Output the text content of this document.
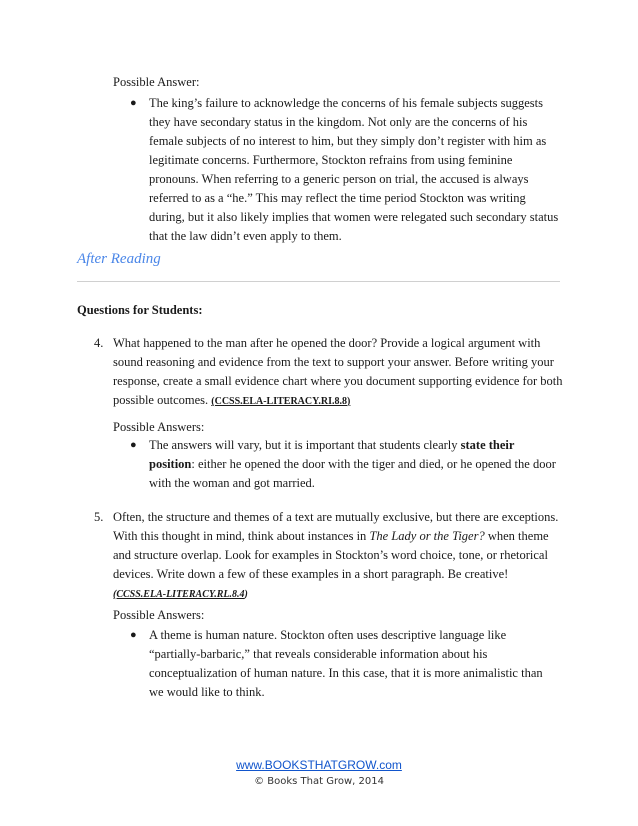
Possible Answer:
● The king’s failure to acknowledge the concerns of his female subjects suggests they have secondary status in the kingdom. Not only are the concerns of his female subjects of no interest to him, but they simply don’t register with him as legitimate concerns. Furthermore, Stockton refrains from using feminine pronouns. When referring to a generic person on trial, the accused is always referred to as a “he.” This may reflect the time period Stockton was writing during, but it also likely implies that women were relegated such secondary status that the law didn’t even apply to them.
After Reading
Questions for Students:
4. What happened to the man after he opened the door? Provide a logical argument with sound reasoning and evidence from the text to support your answer. Before writing your response, create a small evidence chart where you document supporting evidence for both possible outcomes. (CCSS.ELA-LITERACY.RI.8.8)
Possible Answers:
● The answers will vary, but it is important that students clearly state their position: either he opened the door with the tiger and died, or he opened the door with the woman and got married.
5. Often, the structure and themes of a text are mutually exclusive, but there are exceptions. With this thought in mind, think about instances in The Lady or the Tiger? when theme and structure overlap. Look for examples in Stockton’s word choice, tone, or rhetorical devices. Write down a few of these examples in a short paragraph. Be creative!
(CCSS.ELA-LITERACY.RL.8.4)
Possible Answers:
● A theme is human nature. Stockton often uses descriptive language like “partially-barbaric,” that reveals considerable information about his conceptualization of human nature. In this case, that it is more animalistic than we would like to think.
www.BOOKSTHATGROW.com
© Books That Grow, 2014
